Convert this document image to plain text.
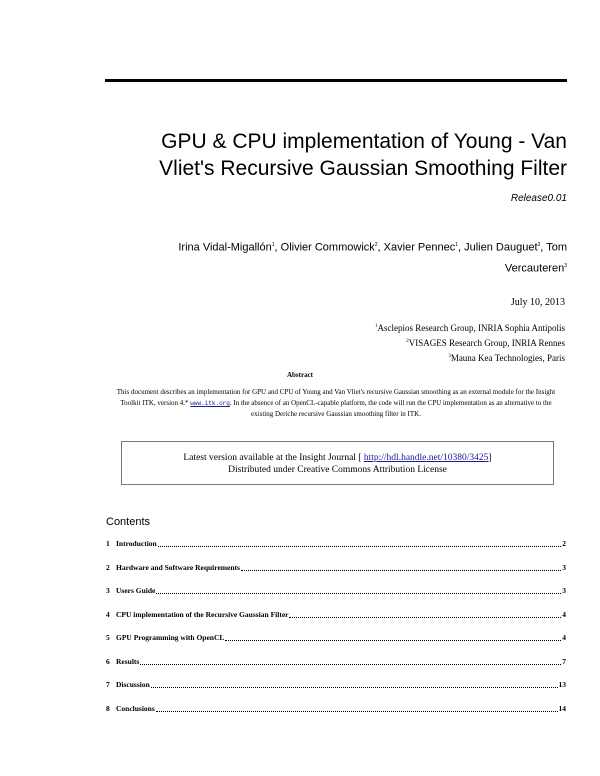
GPU & CPU implementation of Young - Van
Vliet's Recursive Gaussian Smoothing Filter
Release0.01
Irina Vidal-Migallón$^1$, Olivier Commowick$^2$, Xavier Pennec$^1$, Julien Dauguet$^3$, Tom
Vercauteren$^3$
July 10, 2013
$^1$Asclepios Research Group, INRIA Sophia Antipolis
$^2$VISAGES Research Group, INRIA Rennes
$^3$Mauna Kea Technologies, Paris
Abstract
This document describes an implementation for GPU and CPU of Young and Van Vliet's recursive Gaussian smoothing as an external module for the Insight Toolkit ITK, version 4.* www.itk.org. In the absence of an OpenCL-capable platform, the code will run the CPU implementation as an alternative to the existing Deriche recursive Gaussian smoothing filter in ITK.
Latest version available at the Insight Journal [ http://hdl.handle.net/10380/3425]
Distributed under Creative Commons Attribution License
Contents
1 Introduction	2
2 Hardware and Software Requirements	3
3 Users Guide	3
4 CPU implementation of the Recursive Gaussian Filter	4
5 GPU Programming with OpenCL	4
6 Results	7
7 Discussion	13
8 Conclusions	14
